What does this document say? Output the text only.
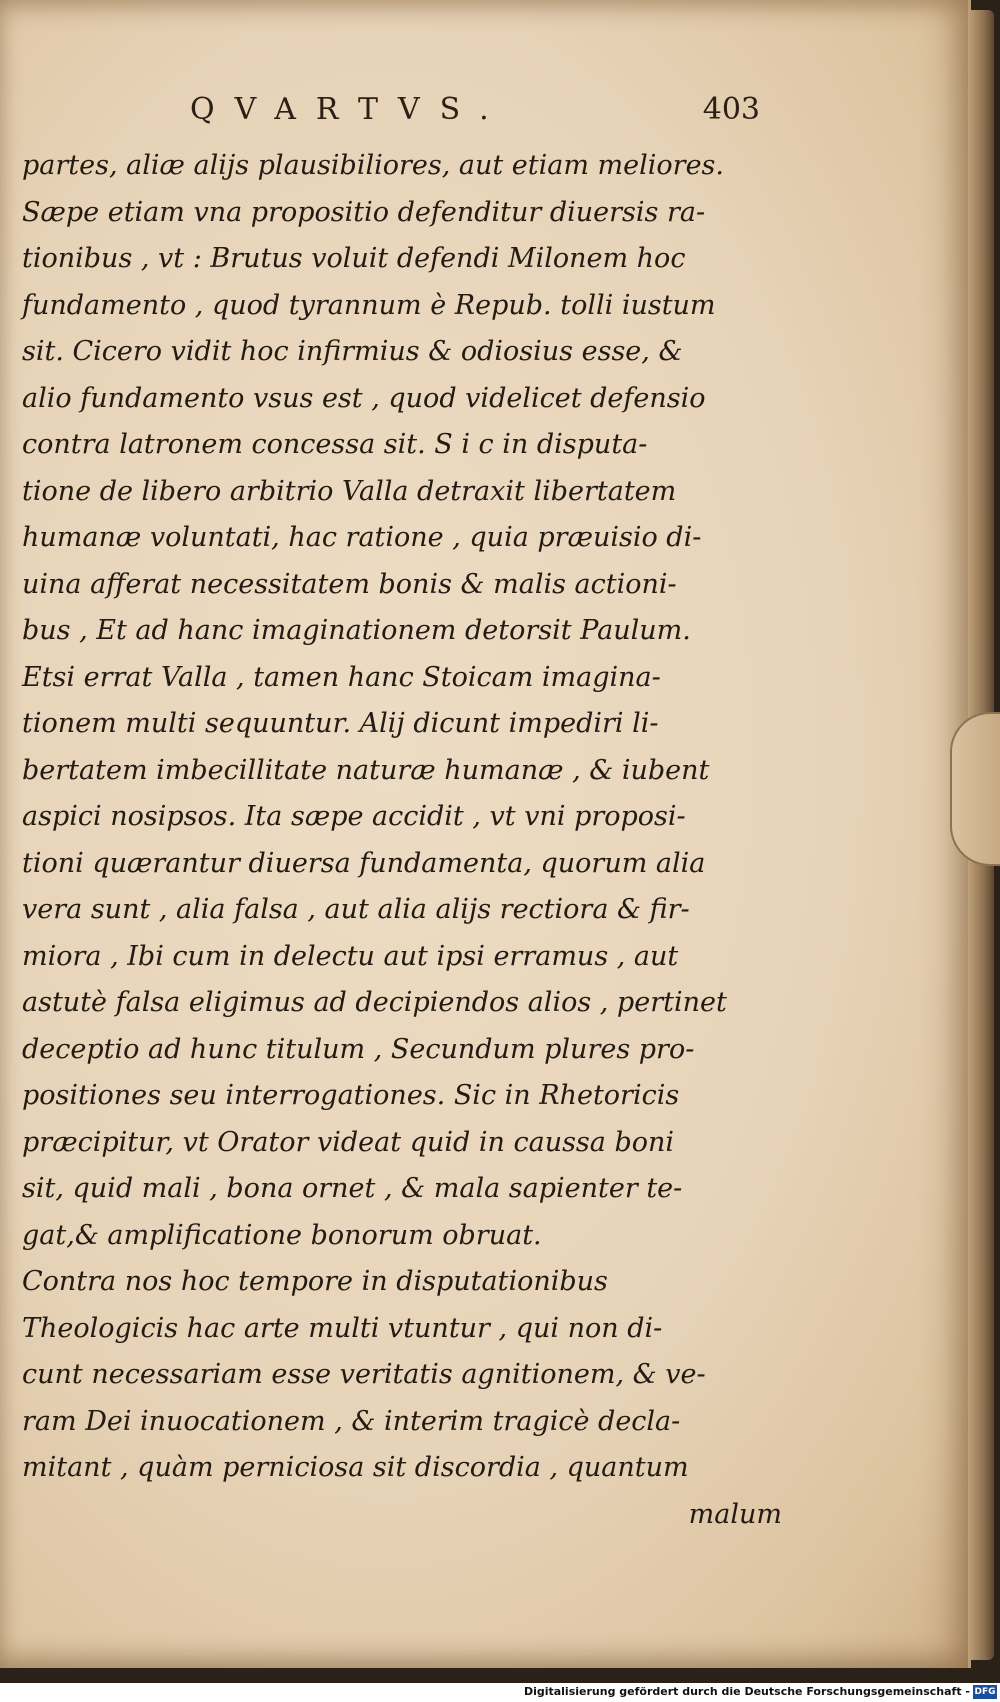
QVARTVS.	403
partes, aliæ alijs plausibiliores, aut etiam meliores.
Sæpe etiam vna propositio defenditur diuersis ra-
tionibus , vt : Brutus voluit defendi Milonem hoc
fundamento , quod tyrannum è Repub. tolli iustum
sit. Cicero vidit hoc infirmius & odiosius esse, &
alio fundamento vsus est , quod videlicet defensio
contra latronem concessa sit. S i c in disputa-
tione de libero arbitrio Valla detraxit libertatem
humanæ voluntati, hac ratione , quia præuisio di-
uina afferat necessitatem bonis & malis actioni-
bus , Et ad hanc imaginationem detorsit Paulum.
Etsi errat Valla , tamen hanc Stoicam imagina-
tionem multi sequuntur. Alij dicunt impediri li-
bertatem imbecillitate naturæ humanæ , & iubent
aspici nosipsos. Ita sæpe accidit , vt vni proposi-
tioni quærantur diuersa fundamenta, quorum alia
vera sunt , alia falsa , aut alia alijs rectiora & fir-
miora , Ibi cum in delectu aut ipsi erramus , aut
astutè falsa eligimus ad decipiendos alios , pertinet
deceptio ad hunc titulum , Secundum plures pro-
positiones seu interrogationes. Sic in Rhetoricis
præcipitur, vt Orator videat quid in caussa boni
sit, quid mali , bona ornet , & mala sapienter te-
gat,& amplificatione bonorum obruat.
Contra nos hoc tempore in disputationibus
Theologicis hac arte multi vtuntur , qui non di-
cunt necessariam esse veritatis agnitionem, & ve-
ram Dei inuocationem , & interim tragicè decla-
mitant , quàm perniciosa sit discordia , quantum
malum
Digitalisierung gefördert durch die Deutsche Forschungsgemeinschaft - DFG
